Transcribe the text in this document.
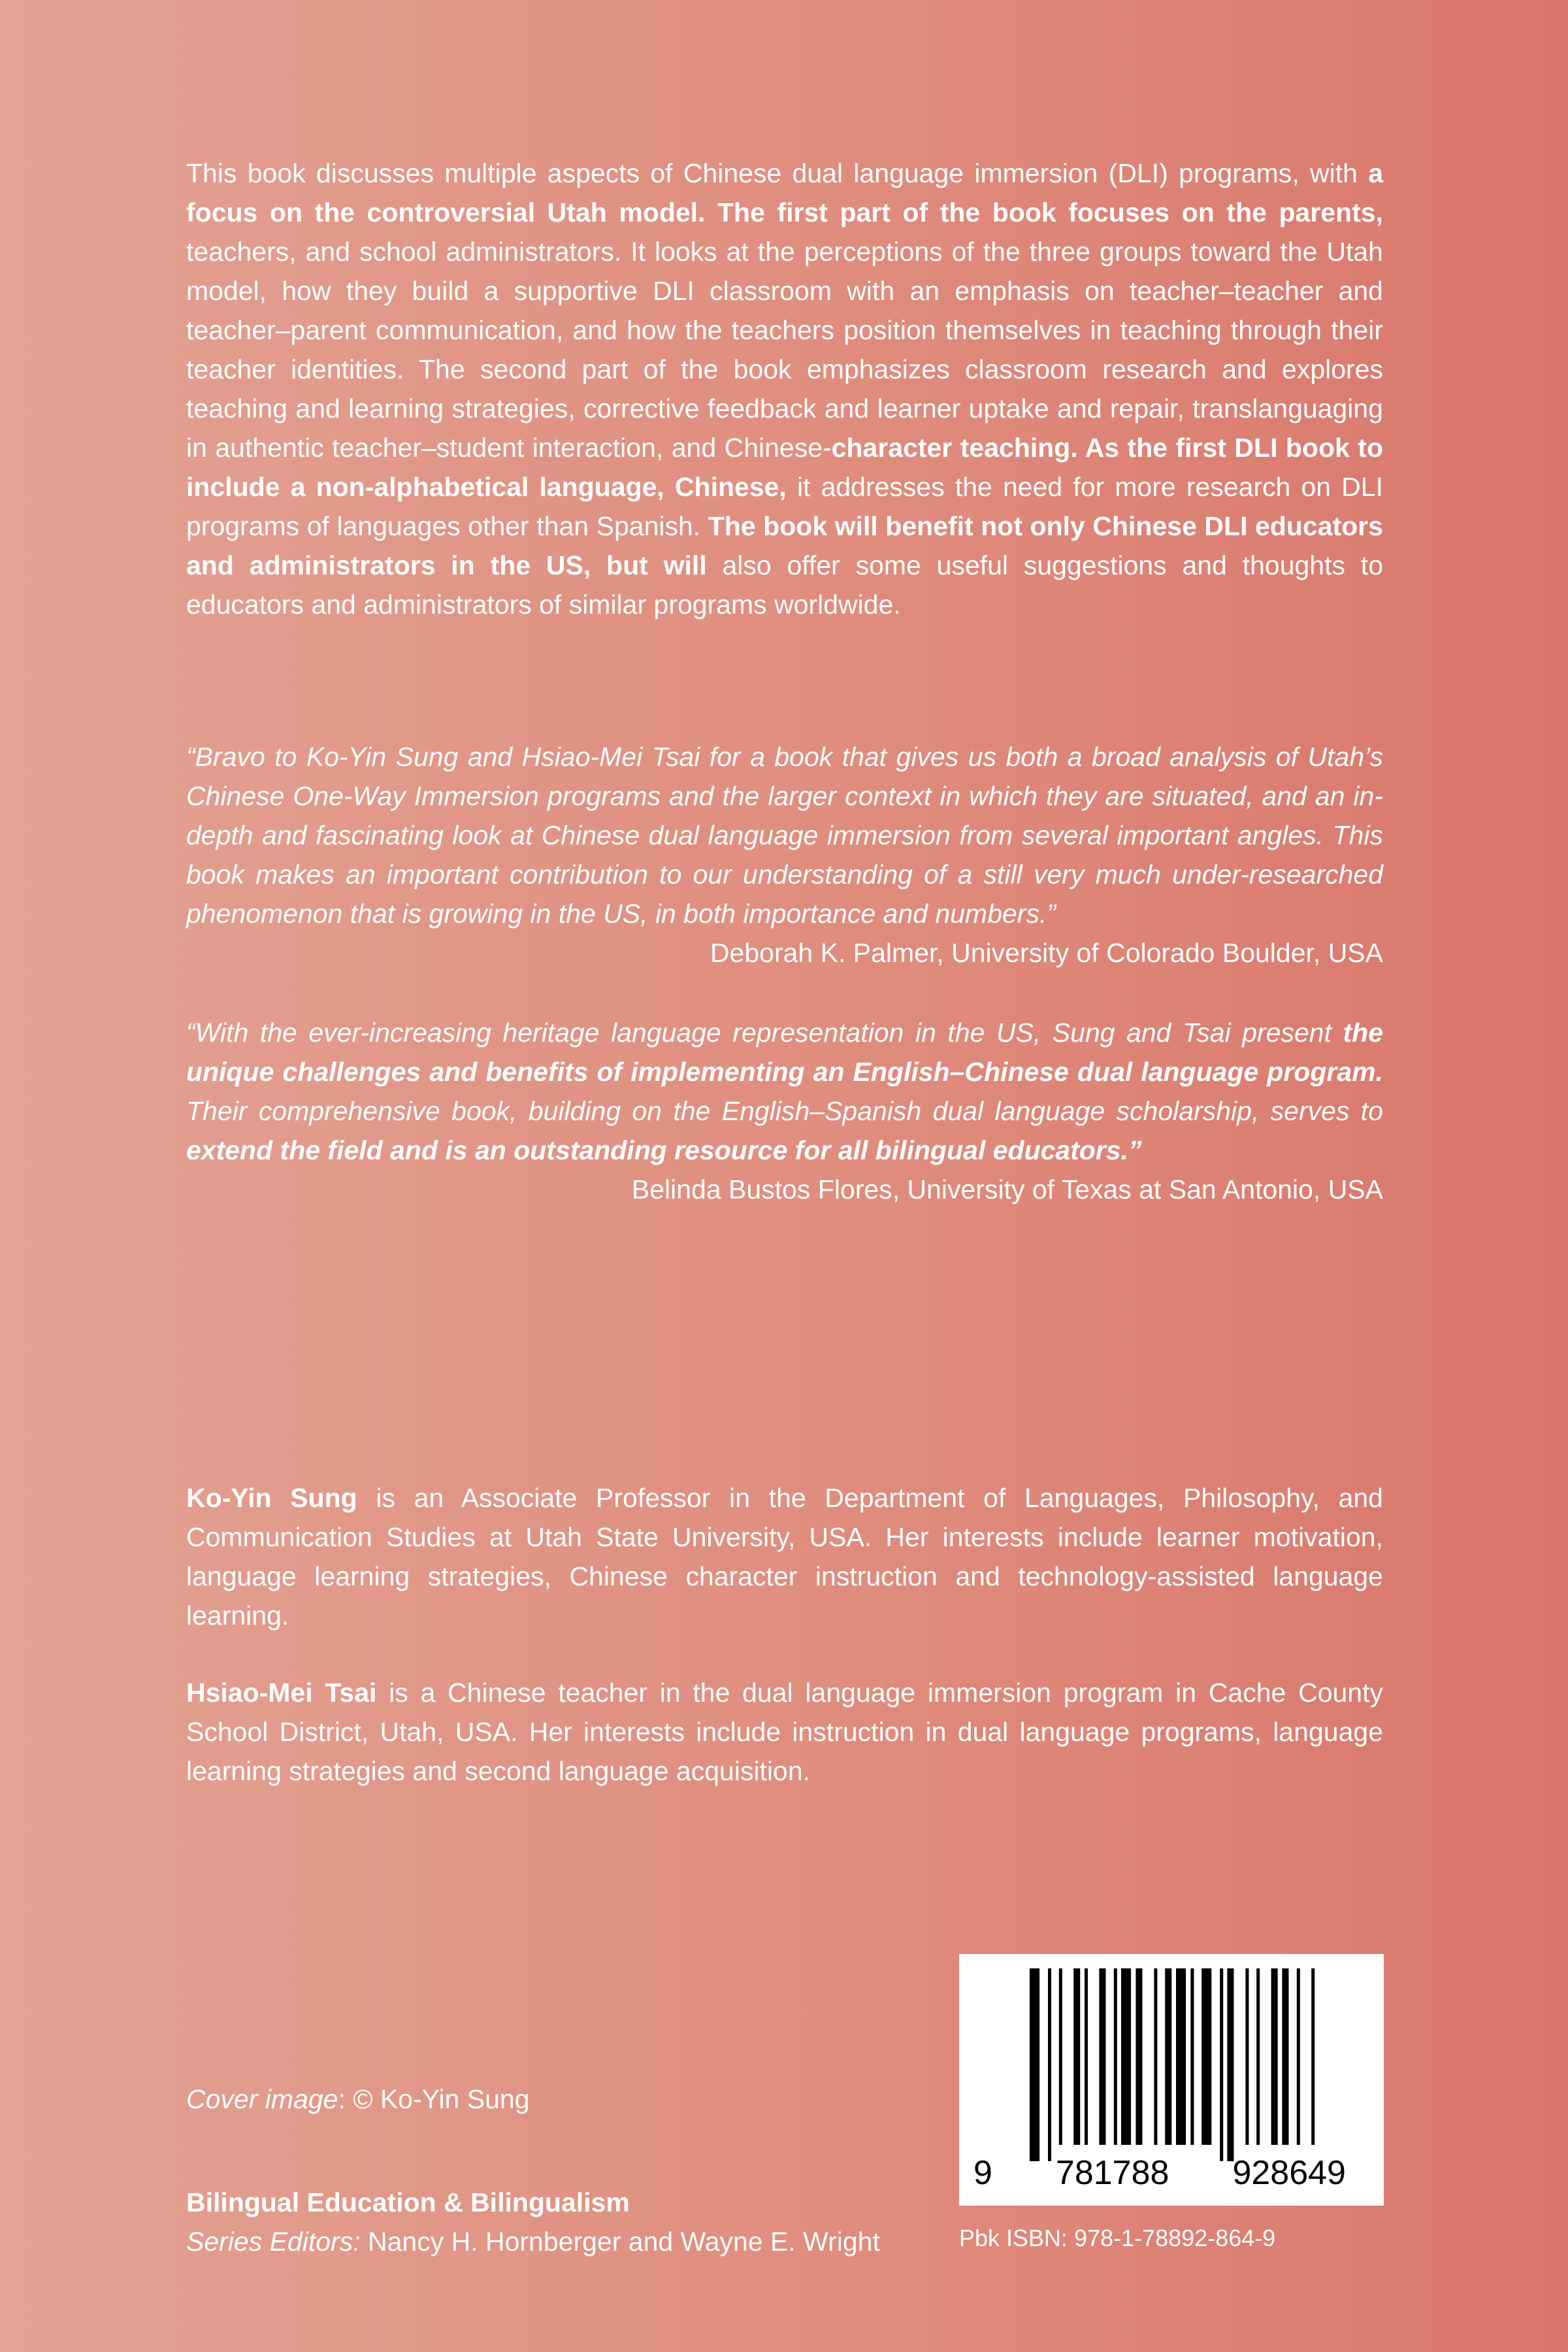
This book discusses multiple aspects of Chinese dual language immersion (DLI) programs, with a focus on the controversial Utah model. The first part of the book focuses on the parents, teachers, and school administrators. It looks at the perceptions of the three groups toward the Utah model, how they build a supportive DLI classroom with an emphasis on teacher–teacher and teacher–parent communication, and how the teachers position themselves in teaching through their teacher identities. The second part of the book emphasizes classroom research and explores teaching and learning strategies, corrective feedback and learner uptake and repair, translanguaging in authentic teacher–student interaction, and Chinese-character teaching. As the first DLI book to include a non-alphabetical language, Chinese, it addresses the need for more research on DLI programs of languages other than Spanish. The book will benefit not only Chinese DLI educators and administrators in the US, but will also offer some useful suggestions and thoughts to educators and administrators of similar programs worldwide.

“Bravo to Ko-Yin Sung and Hsiao-Mei Tsai for a book that gives us both a broad analysis of Utah’s Chinese One-Way Immersion programs and the larger context in which they are situated, and an in-depth and fascinating look at Chinese dual language immersion from several important angles. This book makes an important contribution to our understanding of a still very much under-researched phenomenon that is growing in the US, in both importance and numbers.”

Deborah K. Palmer, University of Colorado Boulder, USA

“With the ever-increasing heritage language representation in the US, Sung and Tsai present the unique challenges and benefits of implementing an English–Chinese dual language program. Their comprehensive book, building on the English–Spanish dual language scholarship, serves to extend the field and is an outstanding resource for all bilingual educators.”

Belinda Bustos Flores, University of Texas at San Antonio, USA

Ko-Yin Sung is an Associate Professor in the Department of Languages, Philosophy, and Communication Studies at Utah State University, USA. Her interests include learner motivation, language learning strategies, Chinese character instruction and technology-assisted language learning.

Hsiao-Mei Tsai is a Chinese teacher in the dual language immersion program in Cache County School District, Utah, USA. Her interests include instruction in dual language programs, language learning strategies and second language acquisition.

Cover image: © Ko-Yin Sung
Bilingual Education & Bilingualism
Series Editors: Nancy H. Hornberger and Wayne E. Wright
9 781788 928649
Pbk ISBN: 978-1-78892-864-9
